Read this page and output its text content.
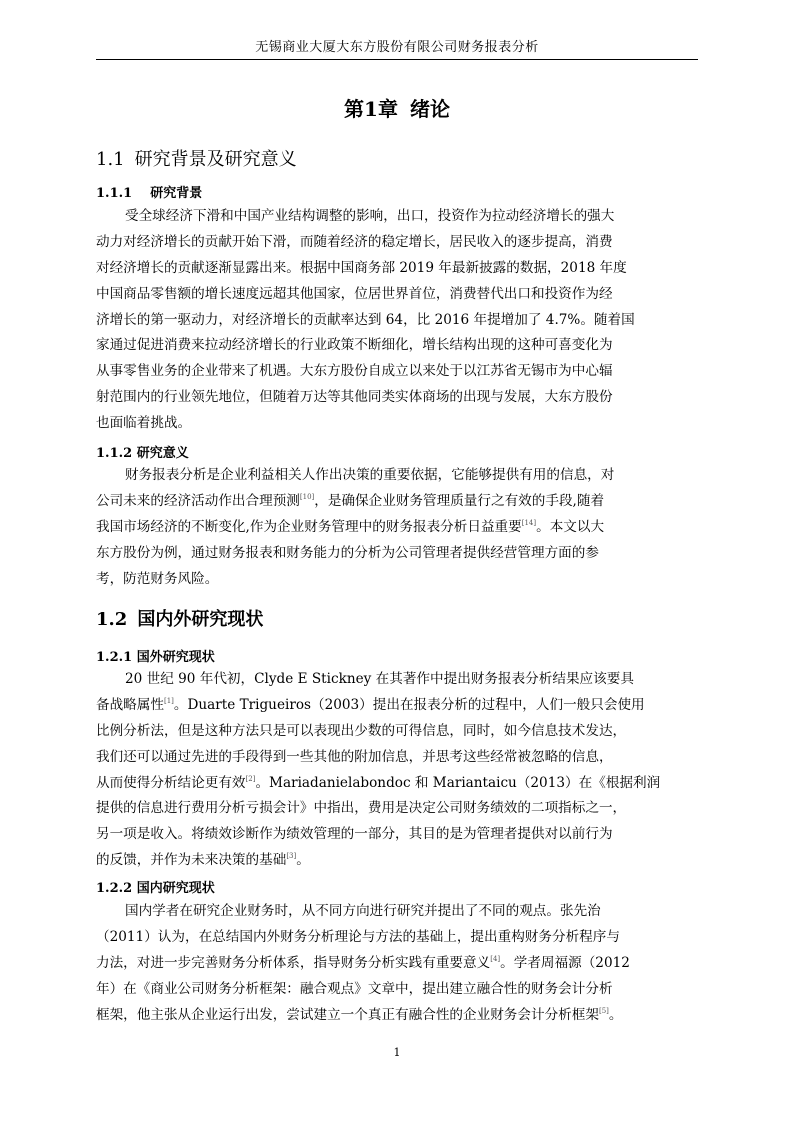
无锡商业大厦大东方股份有限公司财务报表分析
第1章 绪论
1.1 研究背景及研究意义
1.1.1 研究背景

受全球经济下滑和中国产业结构调整的影响，出口，投资作为拉动经济增长的强大
动力对经济增长的贡献开始下滑，而随着经济的稳定增长，居民收入的逐步提高，消费
对经济增长的贡献逐渐显露出来。根据中国商务部 2019 年最新披露的数据，2018 年度
中国商品零售额的增长速度远超其他国家，位居世界首位，消费替代出口和投资作为经
济增长的第一驱动力，对经济增长的贡献率达到 64，比 2016 年提增加了 4.7%。随着国
家通过促进消费来拉动经济增长的行业政策不断细化，增长结构出现的这种可喜变化为
从事零售业务的企业带来了机遇。大东方股份自成立以来处于以江苏省无锡市为中心辐
射范围内的行业领先地位，但随着万达等其他同类实体商场的出现与发展，大东方股份
也面临着挑战。

1.1.2 研究意义

财务报表分析是企业利益相关人作出决策的重要依据，它能够提供有用的信息，对
公司未来的经济活动作出合理预测[10]，是确保企业财务管理质量行之有效的手段,随着
我国市场经济的不断变化,作为企业财务管理中的财务报表分析日益重要[14]。本文以大
东方股份为例，通过财务报表和财务能力的分析为公司管理者提供经营管理方面的参
考，防范财务风险。

1.2 国内外研究现状
1.2.1 国外研究现状

20 世纪 90 年代初，Clyde E Stickney 在其著作中提出财务报表分析结果应该要具
备战略属性[1]。Duarte Trigueiros（2003）提出在报表分析的过程中，人们一般只会使用
比例分析法，但是这种方法只是可以表现出少数的可得信息，同时，如今信息技术发达，
我们还可以通过先进的手段得到一些其他的附加信息，并思考这些经常被忽略的信息，
从而使得分析结论更有效[2]。Mariadanielabondoc 和 Mariantaicu（2013）在《根据利润
提供的信息进行费用分析亏损会计》中指出，费用是决定公司财务绩效的二项指标之一，
另一项是收入。将绩效诊断作为绩效管理的一部分，其目的是为管理者提供对以前行为
的反馈，并作为未来决策的基础[3]。

1.2.2 国内研究现状

国内学者在研究企业财务时，从不同方向进行研究并提出了不同的观点。张先治
（2011）认为，在总结国内外财务分析理论与方法的基础上，提出重构财务分析程序与
力法，对进一步完善财务分析体系，指导财务分析实践有重要意义[4]。学者周福源（2012
年）在《商业公司财务分析框架：融合观点》文章中，提出建立融合性的财务会计分析
框架，他主张从企业运行出发，尝试建立一个真正有融合性的企业财务会计分析框架[5]。

1
